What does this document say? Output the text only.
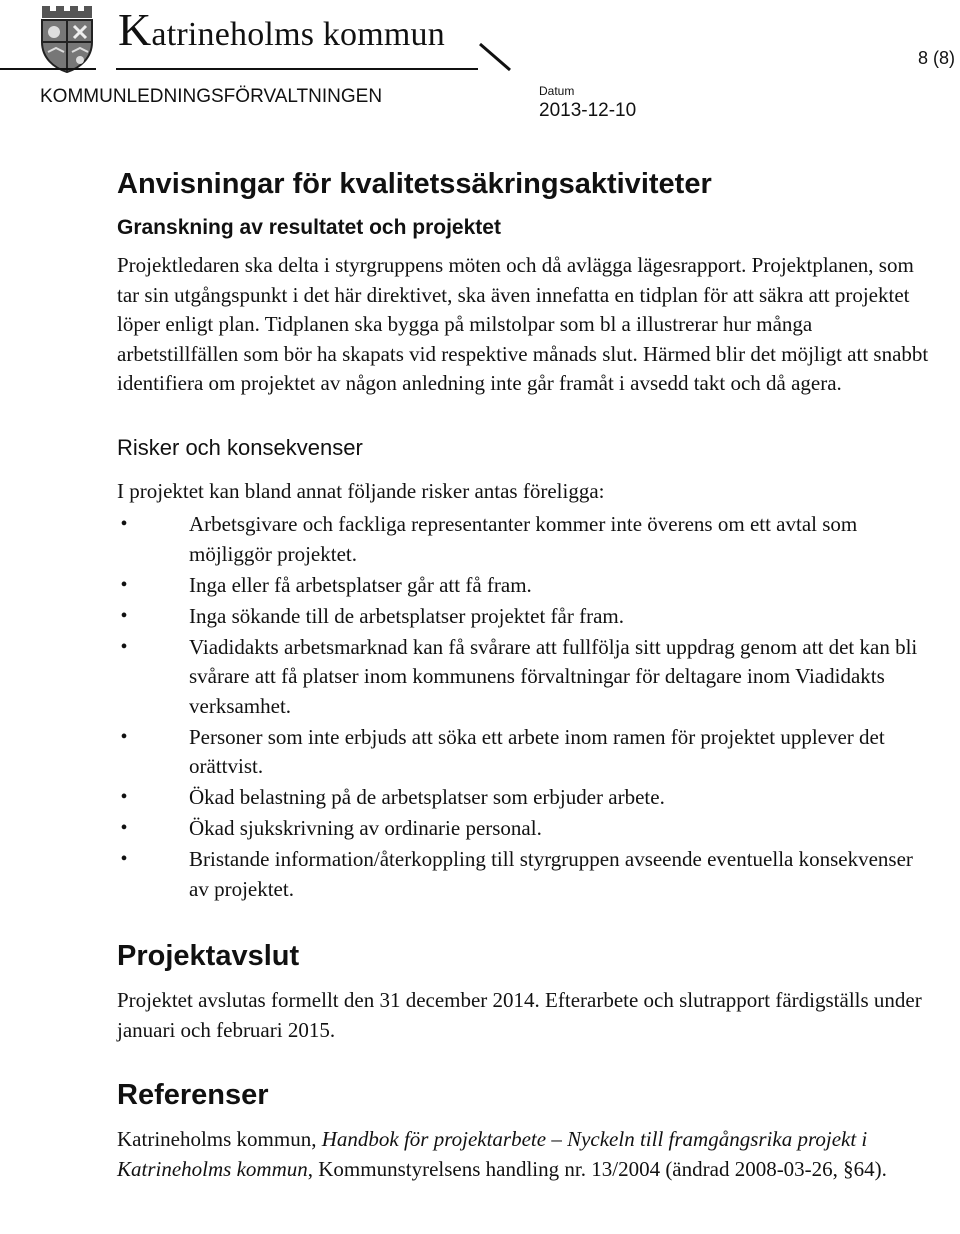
Katrineholms kommun
8 (8)
KOMMUNLEDNINGSFÖRVALTNINGEN	Datum
2013-12-10
Anvisningar för kvalitetssäkringsaktiviteter
Granskning av resultatet och projektet

Projektledaren ska delta i styrgruppens möten och då avlägga lägesrapport. Projektplanen, som tar sin utgångspunkt i det här direktivet, ska även innefatta en tidplan för att säkra att projektet löper enligt plan. Tidplanen ska bygga på milstolpar som bl a illustrerar hur många arbetstillfällen som bör ha skapats vid respektive månads slut. Härmed blir det möjligt att snabbt identifiera om projektet av någon anledning inte går framåt i avsedd takt och då agera.

Risker och konsekvenser

I projektet kan bland annat följande risker antas föreligga:

•	Arbetsgivare och fackliga representanter kommer inte överens om ett avtal som möjliggör projektet.
•	Inga eller få arbetsplatser går att få fram.
•	Inga sökande till de arbetsplatser projektet får fram.
•	Viadidakts arbetsmarknad kan få svårare att fullfölja sitt uppdrag genom att det kan bli svårare att få platser inom kommunens förvaltningar för deltagare inom Viadidakts verksamhet.
•	Personer som inte erbjuds att söka ett arbete inom ramen för projektet upplever det orättvist.
•	Ökad belastning på de arbetsplatser som erbjuder arbete.
•	Ökad sjukskrivning av ordinarie personal.
•	Bristande information/återkoppling till styrgruppen avseende eventuella konsekvenser av projektet.
Projektavslut

Projektet avslutas formellt den 31 december 2014. Efterarbete och slutrapport färdigställs under januari och februari 2015.

Referenser

Katrineholms kommun, Handbok för projektarbete – Nyckeln till framgångsrika projekt i Katrineholms kommun, Kommunstyrelsens handling nr. 13/2004 (ändrad 2008-03-26, §64).
